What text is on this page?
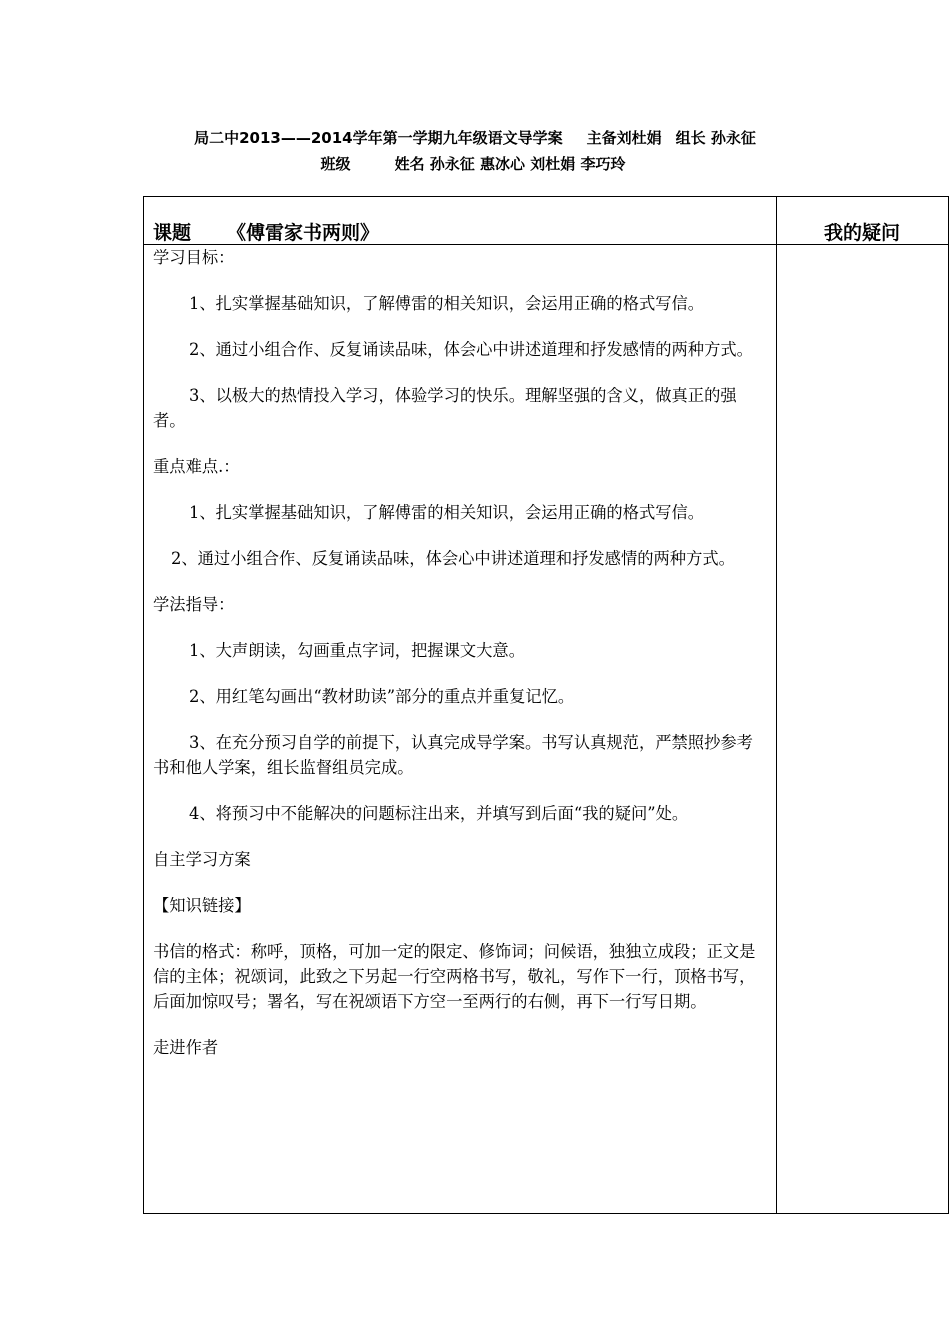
局二中2013——2014学年第一学期九年级语文导学案 主备刘杜娟 组长 孙永征
班级	姓名 孙永征 惠冰心 刘杜娟 李巧玲
课题 《傅雷家书两则》	我的疑问

学习目标：

1、扎实掌握基础知识，了解傅雷的相关知识，会运用正确的格式写信。

2、通过小组合作、反复诵读品味，体会心中讲述道理和抒发感情的两种方式。

3、以极大的热情投入学习，体验学习的快乐。理解坚强的含义，做真正的强者。

重点难点.：

1、扎实掌握基础知识，了解傅雷的相关知识，会运用正确的格式写信。

2、通过小组合作、反复诵读品味，体会心中讲述道理和抒发感情的两种方式。

学法指导：

1、大声朗读，勾画重点字词，把握课文大意。

2、用红笔勾画出“教材助读”部分的重点并重复记忆。

3、在充分预习自学的前提下，认真完成导学案。书写认真规范，严禁照抄参考书和他人学案，组长监督组员完成。

4、将预习中不能解决的问题标注出来，并填写到后面“我的疑问”处。

自主学习方案

【知识链接】

书信的格式：称呼，顶格，可加一定的限定、修饰词；问候语，独独立成段；正文是信的主体；祝颂词，此致之下另起一行空两格书写，敬礼，写作下一行，顶格书写，后面加惊叹号；署名，写在祝颂语下方空一至两行的右侧，再下一行写日期。

走进作者
